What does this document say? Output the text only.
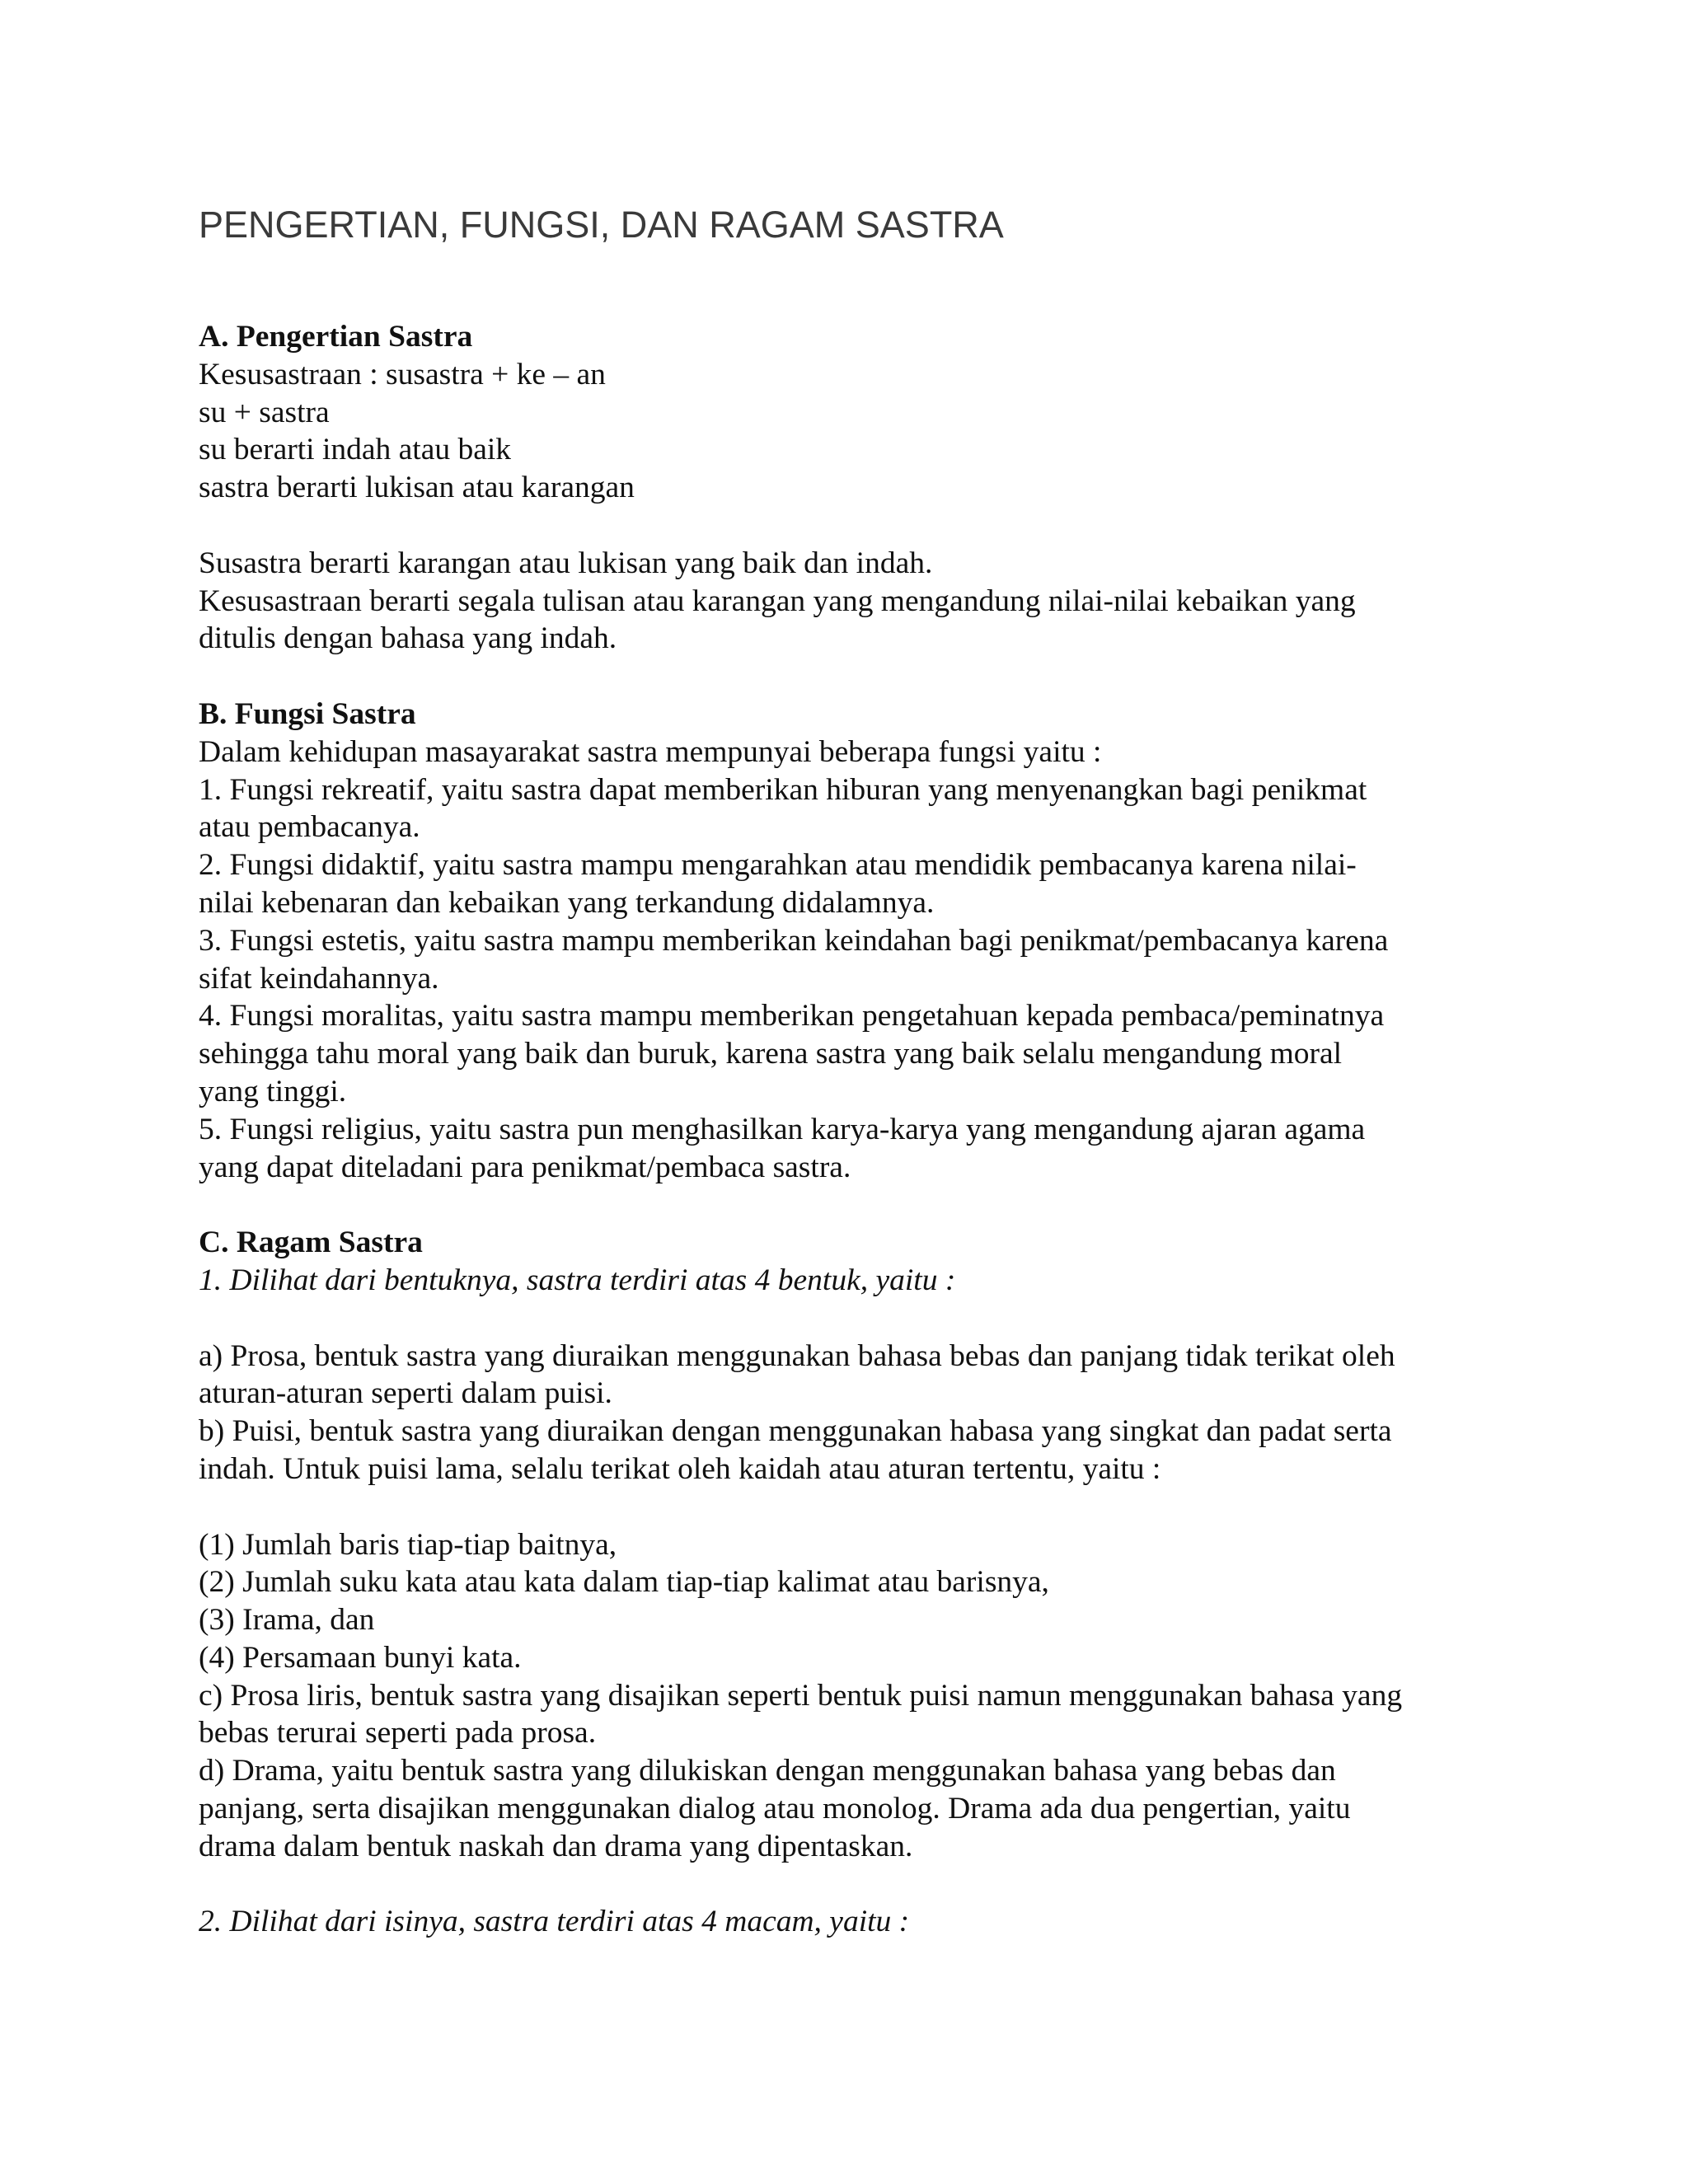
PENGERTIAN, FUNGSI, DAN RAGAM SASTRA
A. Pengertian Sastra
Kesusastraan : susastra + ke – an
su + sastra
su berarti indah atau baik
sastra berarti lukisan atau karangan
Susastra berarti karangan atau lukisan yang baik dan indah.
Kesusastraan berarti segala tulisan atau karangan yang mengandung nilai-nilai kebaikan yang
ditulis dengan bahasa yang indah.
B. Fungsi Sastra
Dalam kehidupan masayarakat sastra mempunyai beberapa fungsi yaitu :
1. Fungsi rekreatif, yaitu sastra dapat memberikan hiburan yang menyenangkan bagi penikmat
atau pembacanya.
2. Fungsi didaktif, yaitu sastra mampu mengarahkan atau mendidik pembacanya karena nilai-
nilai kebenaran dan kebaikan yang terkandung didalamnya.
3. Fungsi estetis, yaitu sastra mampu memberikan keindahan bagi penikmat/pembacanya karena
sifat keindahannya.
4. Fungsi moralitas, yaitu sastra mampu memberikan pengetahuan kepada pembaca/peminatnya
sehingga tahu moral yang baik dan buruk, karena sastra yang baik selalu mengandung moral
yang tinggi.
5. Fungsi religius, yaitu sastra pun menghasilkan karya-karya yang mengandung ajaran agama
yang dapat diteladani para penikmat/pembaca sastra.
C. Ragam Sastra
1. Dilihat dari bentuknya, sastra terdiri atas 4 bentuk, yaitu :
a) Prosa, bentuk sastra yang diuraikan menggunakan bahasa bebas dan panjang tidak terikat oleh
aturan-aturan seperti dalam puisi.
b) Puisi, bentuk sastra yang diuraikan dengan menggunakan habasa yang singkat dan padat serta
indah. Untuk puisi lama, selalu terikat oleh kaidah atau aturan tertentu, yaitu :
(1) Jumlah baris tiap-tiap baitnya,
(2) Jumlah suku kata atau kata dalam tiap-tiap kalimat atau barisnya,
(3) Irama, dan
(4) Persamaan bunyi kata.
c) Prosa liris, bentuk sastra yang disajikan seperti bentuk puisi namun menggunakan bahasa yang
bebas terurai seperti pada prosa.
d) Drama, yaitu bentuk sastra yang dilukiskan dengan menggunakan bahasa yang bebas dan
panjang, serta disajikan menggunakan dialog atau monolog. Drama ada dua pengertian, yaitu
drama dalam bentuk naskah dan drama yang dipentaskan.
2. Dilihat dari isinya, sastra terdiri atas 4 macam, yaitu :
